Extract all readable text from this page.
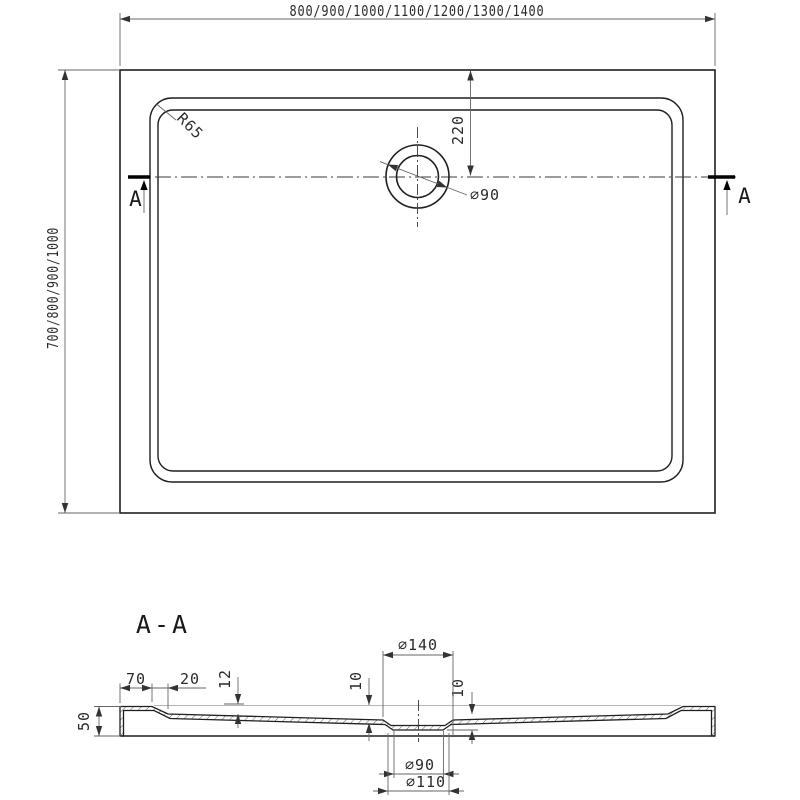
800/900/1000/1100/1200/1300/1400
700/800/900/1000
220
⌀90
R65
A	A
A-A
50
70 20 12	10	10
⌀140
⌀90
⌀110
